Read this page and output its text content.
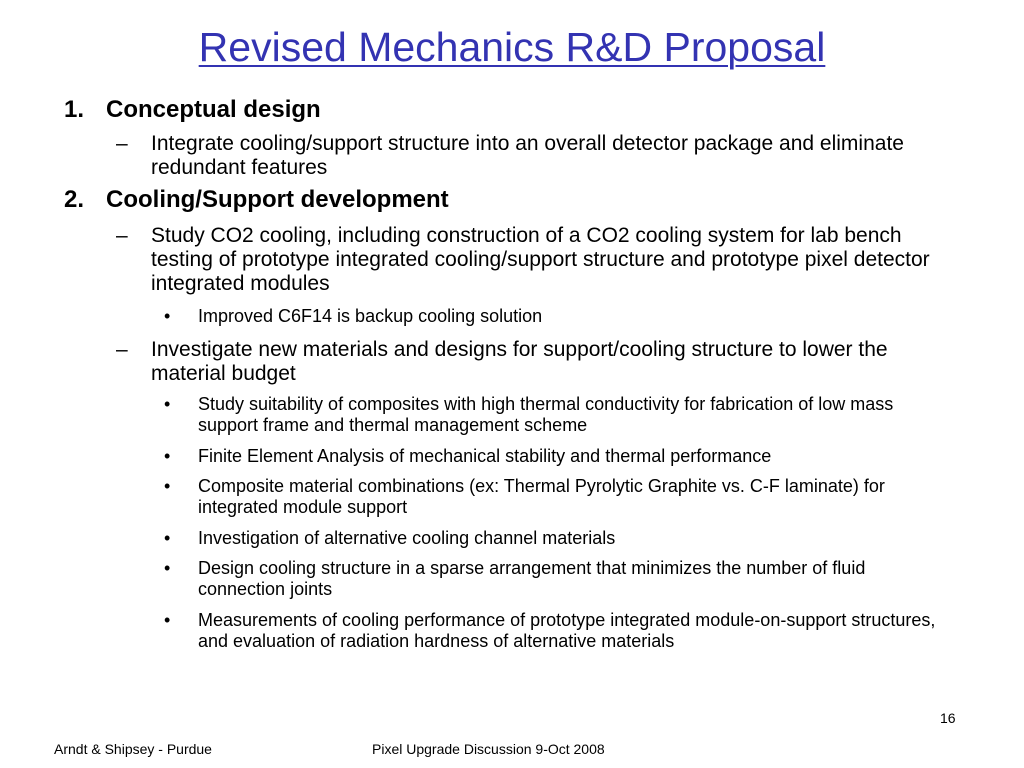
Revised Mechanics R&D Proposal
1. Conceptual design
– Integrate cooling/support structure into an overall detector package and eliminate redundant features
2. Cooling/Support development
– Study CO2 cooling, including construction of a CO2 cooling system for lab bench testing of prototype integrated cooling/support structure and prototype pixel detector integrated modules
• Improved C6F14 is backup cooling solution
– Investigate new materials and designs for support/cooling structure to lower the material budget
• Study suitability of composites with high thermal conductivity for fabrication of low mass support frame and thermal management scheme
• Finite Element Analysis of mechanical stability and thermal performance
• Composite material combinations (ex: Thermal Pyrolytic Graphite vs. C-F laminate) for integrated module support
• Investigation of alternative cooling channel materials
• Design cooling structure in a sparse arrangement that minimizes the number of fluid connection joints
• Measurements of cooling performance of prototype integrated module-on-support structures, and evaluation of radiation hardness of alternative materials
16
Arndt & Shipsey - Purdue	Pixel Upgrade Discussion 9-Oct 2008
